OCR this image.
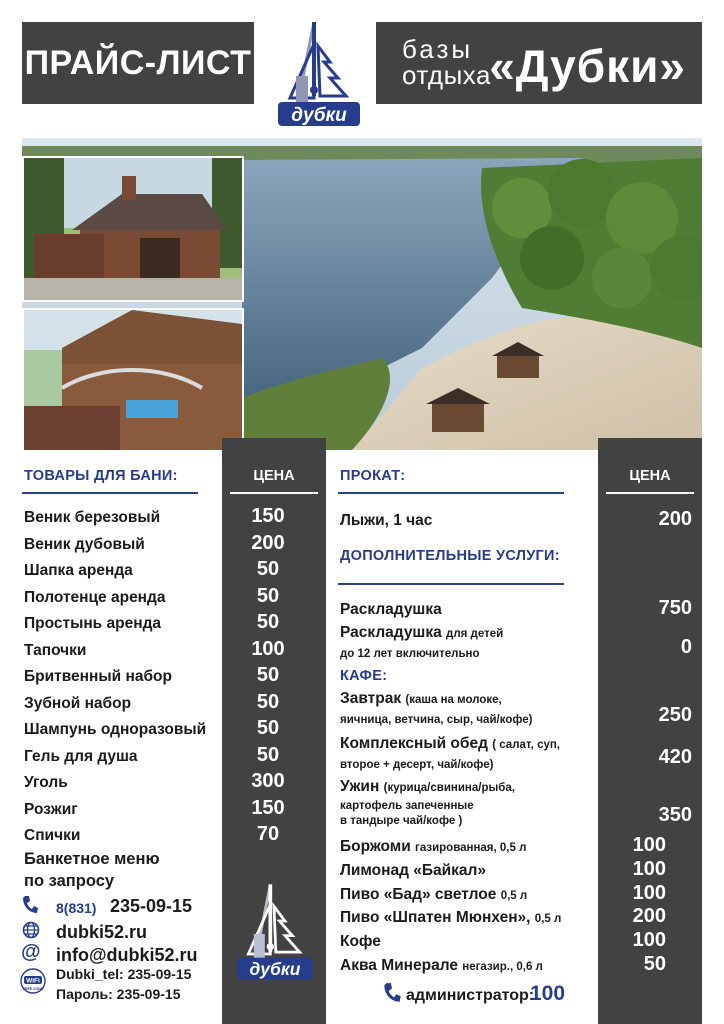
ПРАЙС-ЛИСТ
дубки
базы
отдыха
«Дубки»
ТОВАРЫ ДЛЯ БАНИ:	ЦЕНА
Веник березовый	150
Веник дубовый	200
Шапка аренда	50
Полотенце аренда	50
Простынь аренда	50
Тапочки	100
Бритвенный набор	50
Зубной набор	50
Шампунь одноразовый	50
Гель для душа	50
Уголь	300
Розжиг	150
Спички	70
Банкетное меню
по запросу
8(831) 235-09-15
dubki52.ru
@ info@dubki52.ru
WiFi
FREE ZONE
Dubki_tel: 235-09-15
Пароль: 235-09-15
дубки
ПРОКАТ:	ЦЕНА
Лыжи, 1 час	200
ДОПОЛНИТЕЛЬНЫЕ УСЛУГИ:
Раскладушка	750
Раскладушка для детей
до 12 лет включительно	0
КАФЕ:
Завтрак (каша на молоке,
яичница, ветчина, сыр, чай/кофе)	250
Комплексный обед ( салат, суп,
второе + десерт, чай/кофе)	420
Ужин (курица/свинина/рыба,
картофель запеченные
в тандыре чай/кофе )	350
Боржоми газированная, 0,5 л	100
Лимонад «Байкал»	100
Пиво «Бад» светлое 0,5 л	100
Пиво «Шпатен Мюнхен», 0,5 л	200
Кофе	100
Аква Минерале негазир., 0,6 л	50
администратор:
100
